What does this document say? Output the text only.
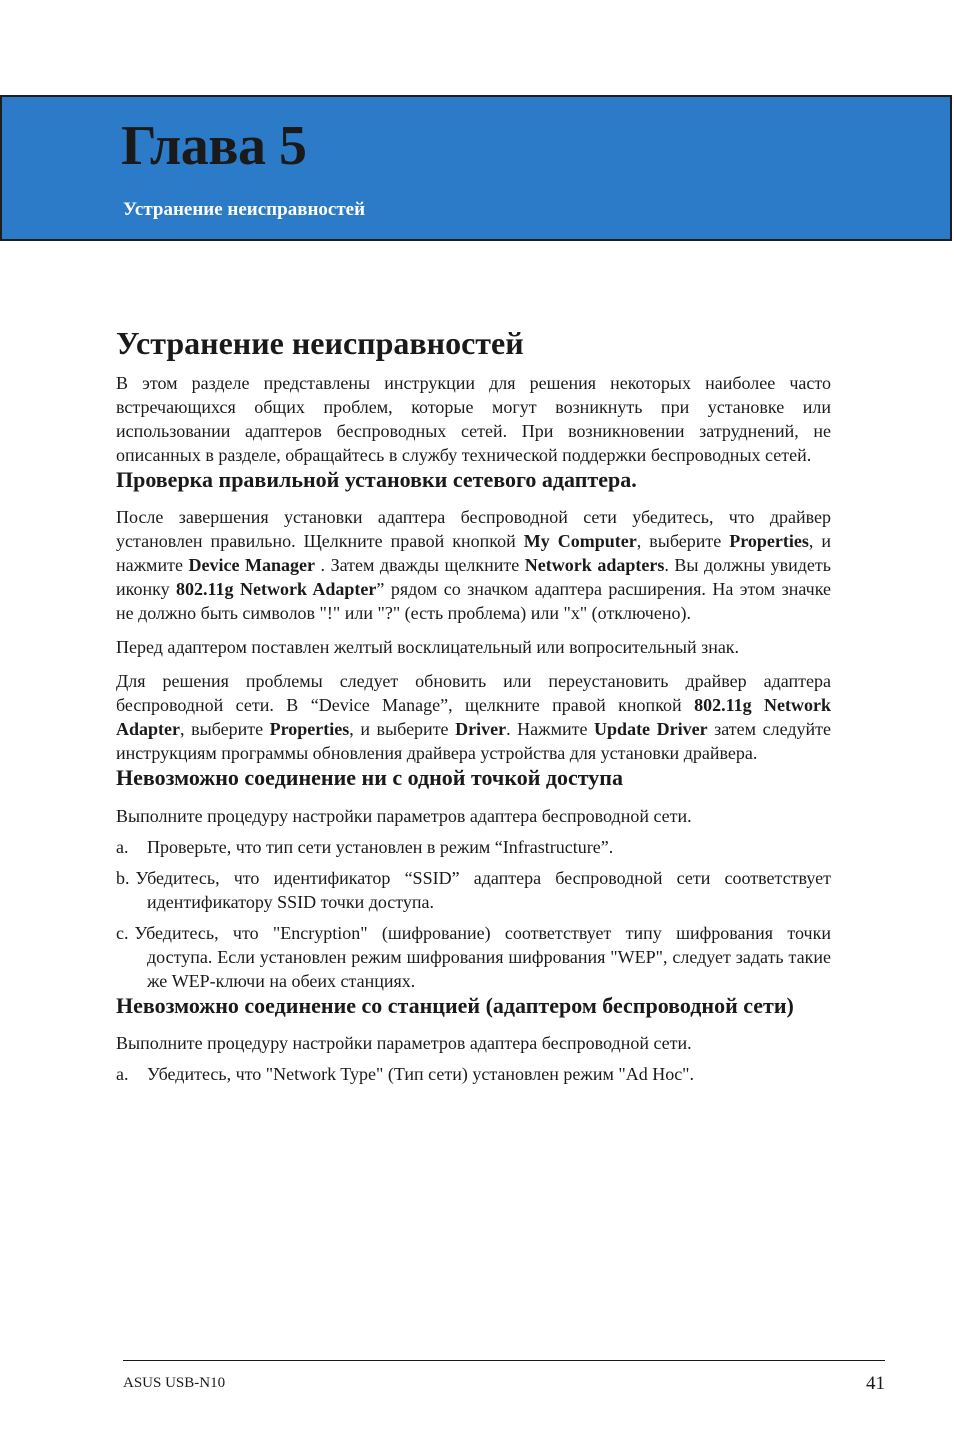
Глава 5
Устранение неисправностей
Устранение неисправностей

В этом разделе представлены инструкции для решения некоторых наиболее часто встречающихся общих проблем, которые могут возникнуть при установке или использовании адаптеров беспроводных сетей. При возникновении затруднений, не описанных в разделе, обращайтесь в службу технической поддержки беспроводных сетей.

Проверка правильной установки сетевого адаптера.

После завершения установки адаптера беспроводной сети убедитесь, что драйвер установлен правильно. Щелкните правой кнопкой My Computer, выберите Properties, и нажмите Device Manager . Затем дважды щелкните Network adapters. Вы должны увидеть иконку 802.11g Network Adapter” рядом со значком адаптера расширения. На этом значке не должно быть символов "!" или "?" (есть проблема) или "x" (отключено).

Перед адаптером поставлен желтый восклицательный или вопросительный знак.

Для решения проблемы следует обновить или переустановить драйвер адаптера беспроводной сети. В “Device Manage”, щелкните правой кнопкой 802.11g Network Adapter, выберите Properties, и выберите Driver. Нажмите Update Driver затем следуйте инструкциям программы обновления драйвера устройства для установки драйвера.

Невозможно соединение ни с одной точкой доступа

Выполните процедуру настройки параметров адаптера беспроводной сети.

a. Проверьте, что тип сети установлен в режим “Infrastructure”.
b. Убедитесь, что идентификатор “SSID” адаптера беспроводной сети соответствует идентификатору SSID точки доступа.
c. Убедитесь, что "Encryption" (шифрование) соответствует типу шифрования точки доступа. Если установлен режим шифрования шифрования "WEP", следует задать такие же WEP-ключи на обеих станциях.
Невозможно соединение со станцией (адаптером беспроводной сети)

Выполните процедуру настройки параметров адаптера беспроводной сети.

a. Убедитесь, что "Network Type" (Тип сети) установлен режим "Ad Hoc".
ASUS USB-N10	41
